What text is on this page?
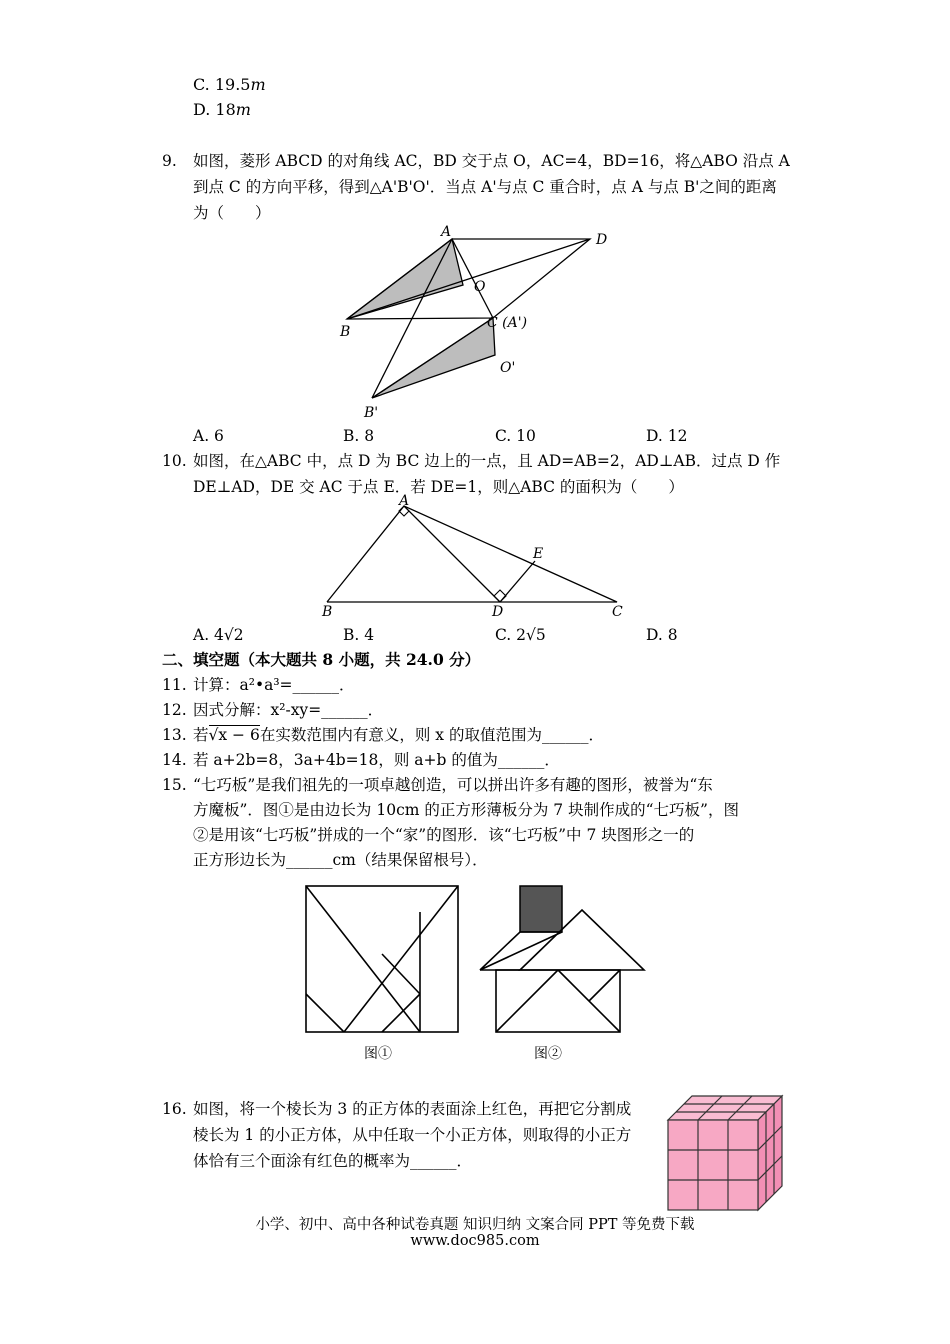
C. 19.5m
D. 18m
9. 如图，菱形 ABCD 的对角线 AC，BD 交于点 O，AC=4，BD=16，将△ABO 沿点 A
到点 C 的方向平移，得到△A'B'O'．当点 A'与点 C 重合时，点 A 与点 B'之间的距离
为（　　）
A	D
O
B
C (A')
O'
B'
A. 6	B. 8	C. 10	D. 12
10. 如图，在△ABC 中，点 D 为 BC 边上的一点，且 AD=AB=2，AD⊥AB．过点 D 作
DE⊥AD，DE 交 AC 于点 E．若 DE=1，则△ABC 的面积为（　　）
A
E
B	D	C
A. 4√2	B. 4	C. 2√5	D. 8
二、填空题（本大题共 8 小题，共 24.0 分）
11. 计算：a²•a³=______．
12. 因式分解：x²-xy=______．
13. 若√x − 6在实数范围内有意义，则 x 的取值范围为______．
14. 若 a+2b=8，3a+4b=18，则 a+b 的值为______．
15. “七巧板”是我们祖先的一项卓越创造，可以拼出许多有趣的图形，被誉为“东
方魔板”．图①是由边长为 10cm 的正方形薄板分为 7 块制作成的“七巧板”，图
②是用该“七巧板”拼成的一个“家”的图形．该“七巧板”中 7 块图形之一的
正方形边长为______cm（结果保留根号）．
图①	图②
16. 如图，将一个棱长为 3 的正方体的表面涂上红色，再把它分割成
棱长为 1 的小正方体，从中任取一个小正方体，则取得的小正方
体恰有三个面涂有红色的概率为______．
小学、初中、高中各种试卷真题 知识归纳 文案合同 PPT 等免费下载
www.doc985.com
